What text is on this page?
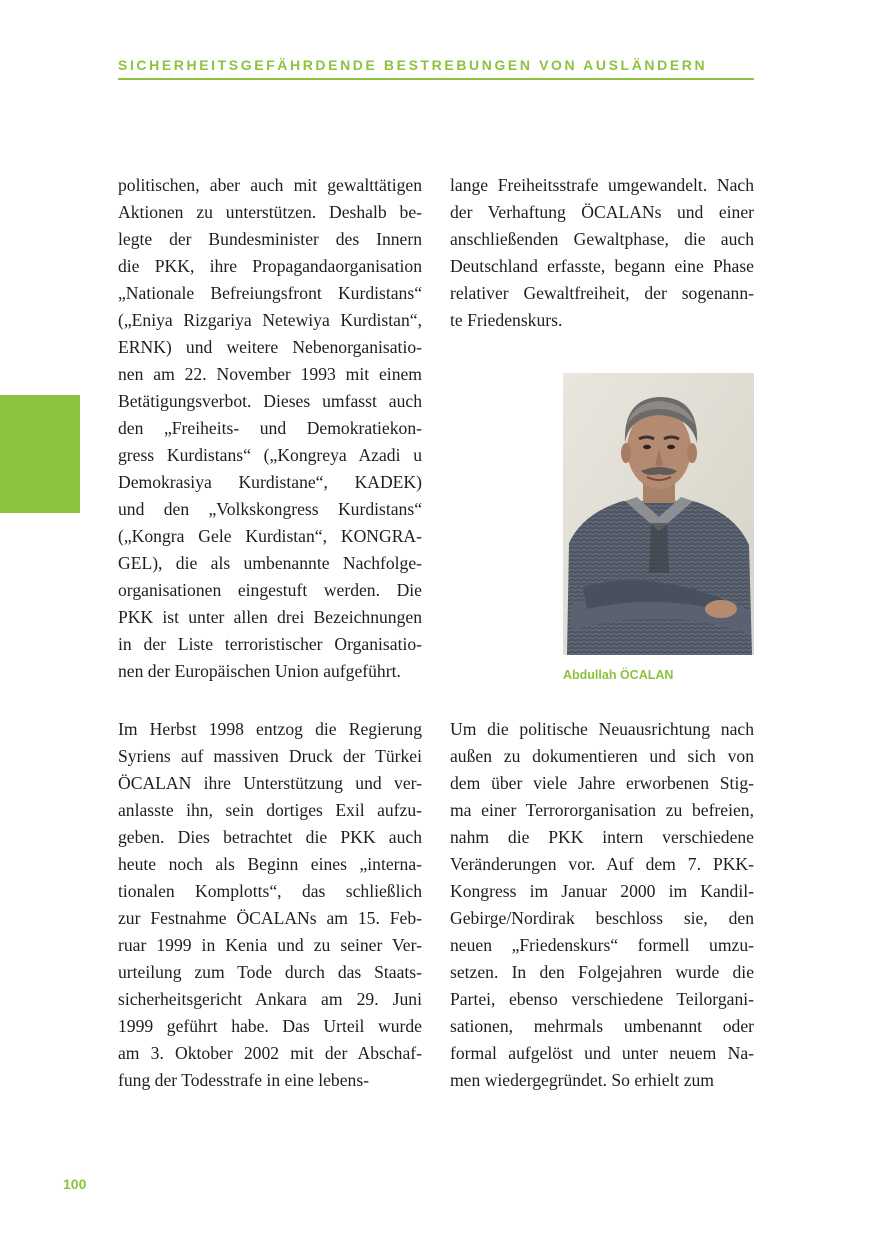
SICHERHEITSGEFÄHRDENDE BESTREBUNGEN VON AUSLÄNDERN
politischen, aber auch mit gewalttätigen
Aktionen zu unterstützen. Deshalb be-
legte der Bundesminister des Innern
die PKK, ihre Propagandaorganisation
„Nationale Befreiungsfront Kurdistans“
(„Eniya Rizgariya Netewiya Kurdistan“,
ERNK) und weitere Nebenorganisatio-
nen am 22. November 1993 mit einem
Betätigungsverbot. Dieses umfasst auch
den „Freiheits- und Demokratiekon-
gress Kurdistans“ („Kongreya Azadi u
Demokrasiya Kurdistane“, KADEK)
und den „Volkskongress Kurdistans“
(„Kongra Gele Kurdistan“, KONGRA-
GEL), die als umbenannte Nachfolge-
organisationen eingestuft werden. Die
PKK ist unter allen drei Bezeichnungen
in der Liste terroristischer Organisatio-
nen der Europäischen Union aufgeführt.
Im Herbst 1998 entzog die Regierung
Syriens auf massiven Druck der Türkei
ÖCALAN ihre Unterstützung und ver-
anlasste ihn, sein dortiges Exil aufzu-
geben. Dies betrachtet die PKK auch
heute noch als Beginn eines „interna-
tionalen Komplotts“, das schließlich
zur Festnahme ÖCALANs am 15. Feb-
ruar 1999 in Kenia und zu seiner Ver-
urteilung zum Tode durch das Staats-
sicherheitsgericht Ankara am 29. Juni
1999 geführt habe. Das Urteil wurde
am 3. Oktober 2002 mit der Abschaf-
fung der Todesstrafe in eine lebens-
lange Freiheitsstrafe umgewandelt. Nach
der Verhaftung ÖCALANs und einer
anschließenden Gewaltphase, die auch
Deutschland erfasste, begann eine Phase
relativer Gewaltfreiheit, der sogenann-
te Friedenskurs.
Um die politische Neuausrichtung nach
außen zu dokumentieren und sich von
dem über viele Jahre erworbenen Stig-
ma einer Terrororganisation zu befreien,
nahm die PKK intern verschiedene
Veränderungen vor. Auf dem 7. PKK-
Kongress im Januar 2000 im Kandil-
Gebirge/Nordirak beschloss sie, den
neuen „Friedenskurs“ formell umzu-
setzen. In den Folgejahren wurde die
Partei, ebenso verschiedene Teilorgani-
sationen, mehrmals umbenannt oder
formal aufgelöst und unter neuem Na-
men wiedergegründet. So erhielt zum
Abdullah ÖCALAN
100
